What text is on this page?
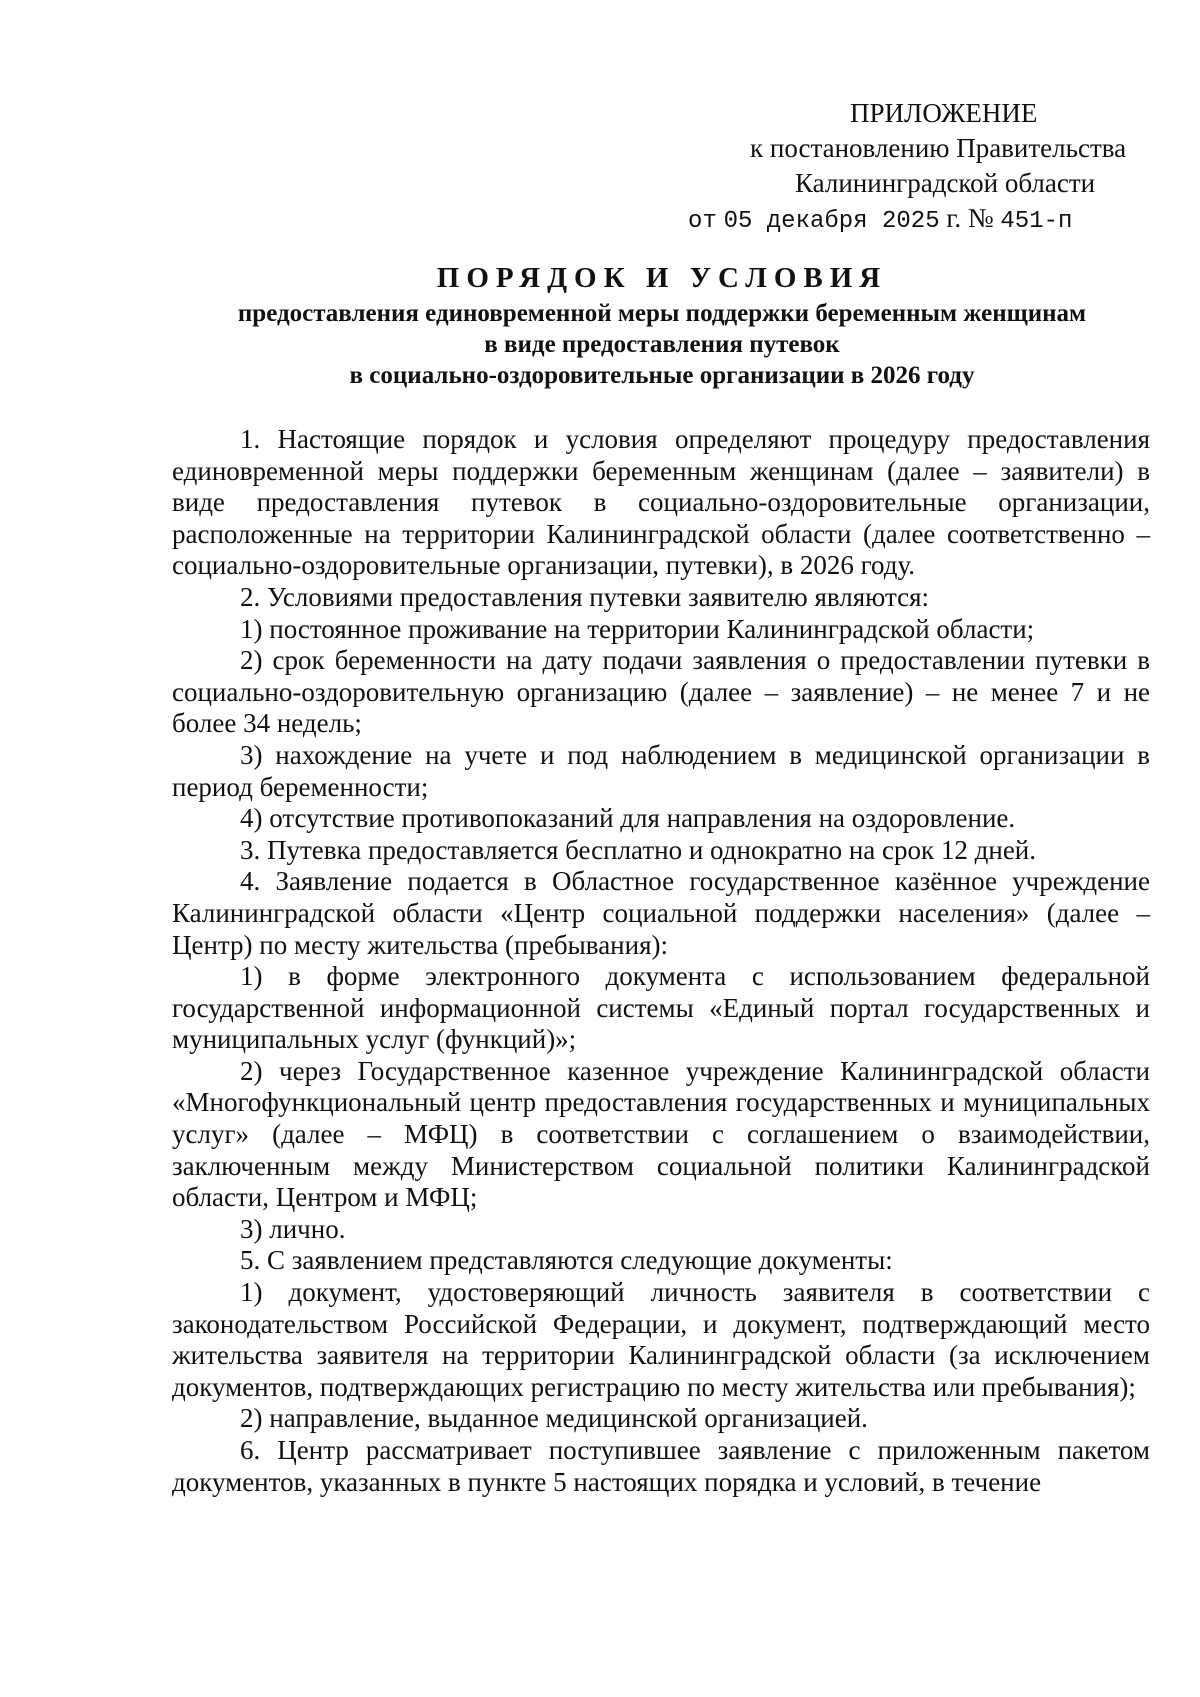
ПРИЛОЖЕНИЕ
к постановлению Правительства
Калининградской области
от 05 декабря 2025 г. № 451-п
ПОРЯДОК И УСЛОВИЯ
предоставления единовременной меры поддержки беременным женщинам
в виде предоставления путевок
в социально-оздоровительные организации в 2026 году

1. Настоящие порядок и условия определяют процедуру предоставления единовременной меры поддержки беременным женщинам (далее – заявители) в виде предоставления путевок в социально-оздоровительные организации, расположенные на территории Калининградской области (далее соответственно – социально-оздоровительные организации, путевки), в 2026 году.

2. Условиями предоставления путевки заявителю являются:

1) постоянное проживание на территории Калининградской области;

2) срок беременности на дату подачи заявления о предоставлении путевки в социально-оздоровительную организацию (далее – заявление) – не менее 7 и не более 34 недель;

3) нахождение на учете и под наблюдением в медицинской организации в период беременности;

4) отсутствие противопоказаний для направления на оздоровление.

3. Путевка предоставляется бесплатно и однократно на срок 12 дней.

4. Заявление подается в Областное государственное казённое учреждение Калининградской области «Центр социальной поддержки населения» (далее – Центр) по месту жительства (пребывания):

1) в форме электронного документа с использованием федеральной государственной информационной системы «Единый портал государственных и муниципальных услуг (функций)»;

2) через Государственное казенное учреждение Калининградской области «Многофункциональный центр предоставления государственных и муниципальных услуг» (далее – МФЦ) в соответствии с соглашением о взаимодействии, заключенным между Министерством социальной политики Калининградской области, Центром и МФЦ;

3) лично.

5. С заявлением представляются следующие документы:

1) документ, удостоверяющий личность заявителя в соответствии с законодательством Российской Федерации, и документ, подтверждающий место жительства заявителя на территории Калининградской области (за исключением документов, подтверждающих регистрацию по месту жительства или пребывания);

2) направление, выданное медицинской организацией.

6. Центр рассматривает поступившее заявление с приложенным пакетом документов, указанных в пункте 5 настоящих порядка и условий, в течение
